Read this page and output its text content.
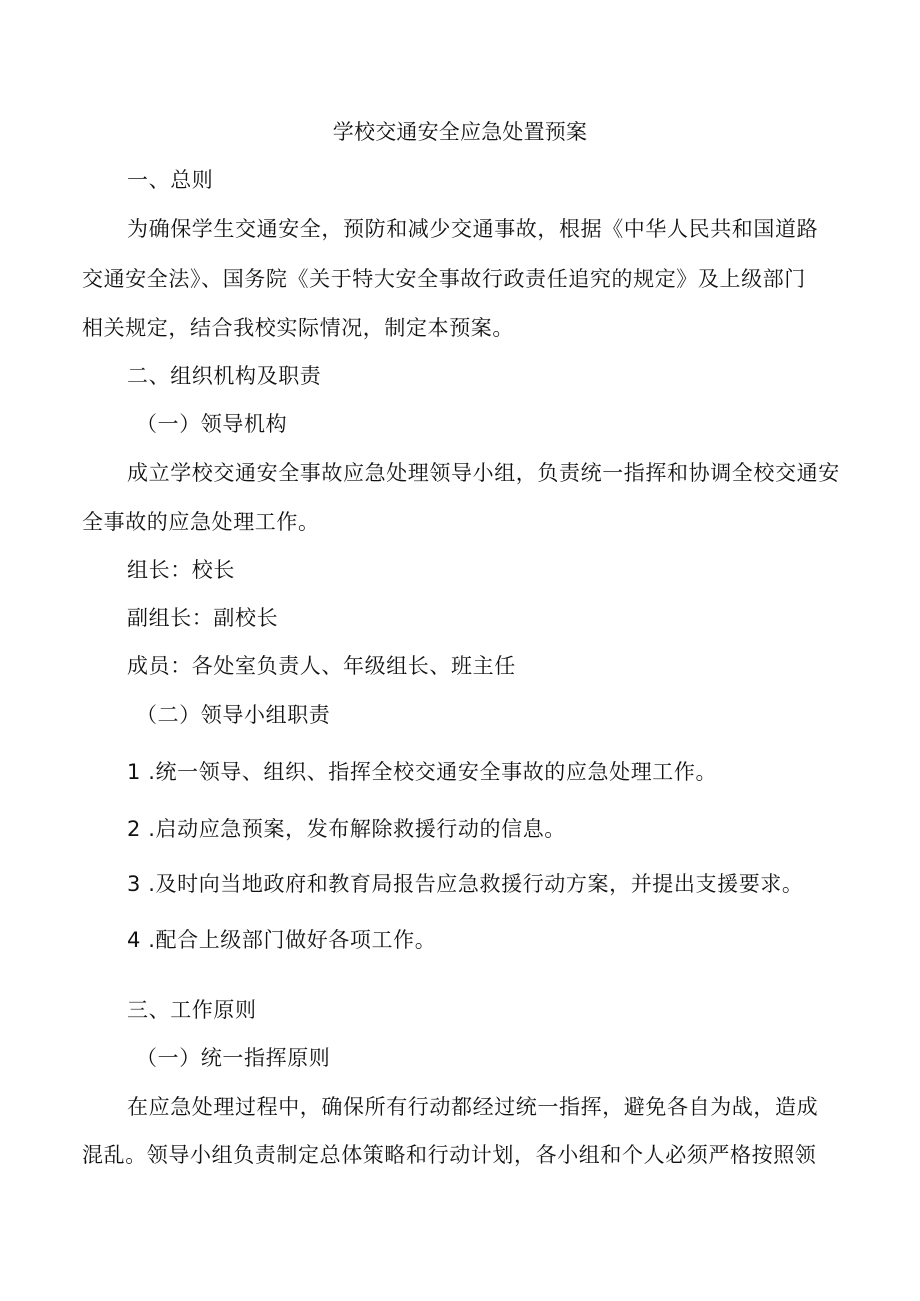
学校交通安全应急处置预案
一、总则
为确保学生交通安全，预防和减少交通事故，根据《中华人民共和国道路
交通安全法》、国务院《关于特大安全事故行政责任追究的规定》及上级部门
相关规定，结合我校实际情况，制定本预案。
二、组织机构及职责
（一）领导机构
成立学校交通安全事故应急处理领导小组，负责统一指挥和协调全校交通安
全事故的应急处理工作。
组长：校长
副组长：副校长
成员：各处室负责人、年级组长、班主任
（二）领导小组职责
1 .统一领导、组织、指挥全校交通安全事故的应急处理工作。
2 .启动应急预案，发布解除救援行动的信息。
3 .及时向当地政府和教育局报告应急救援行动方案，并提出支援要求。
4 .配合上级部门做好各项工作。
三、工作原则
（一）统一指挥原则
在应急处理过程中，确保所有行动都经过统一指挥，避免各自为战，造成
混乱。领导小组负责制定总体策略和行动计划，各小组和个人必须严格按照领
